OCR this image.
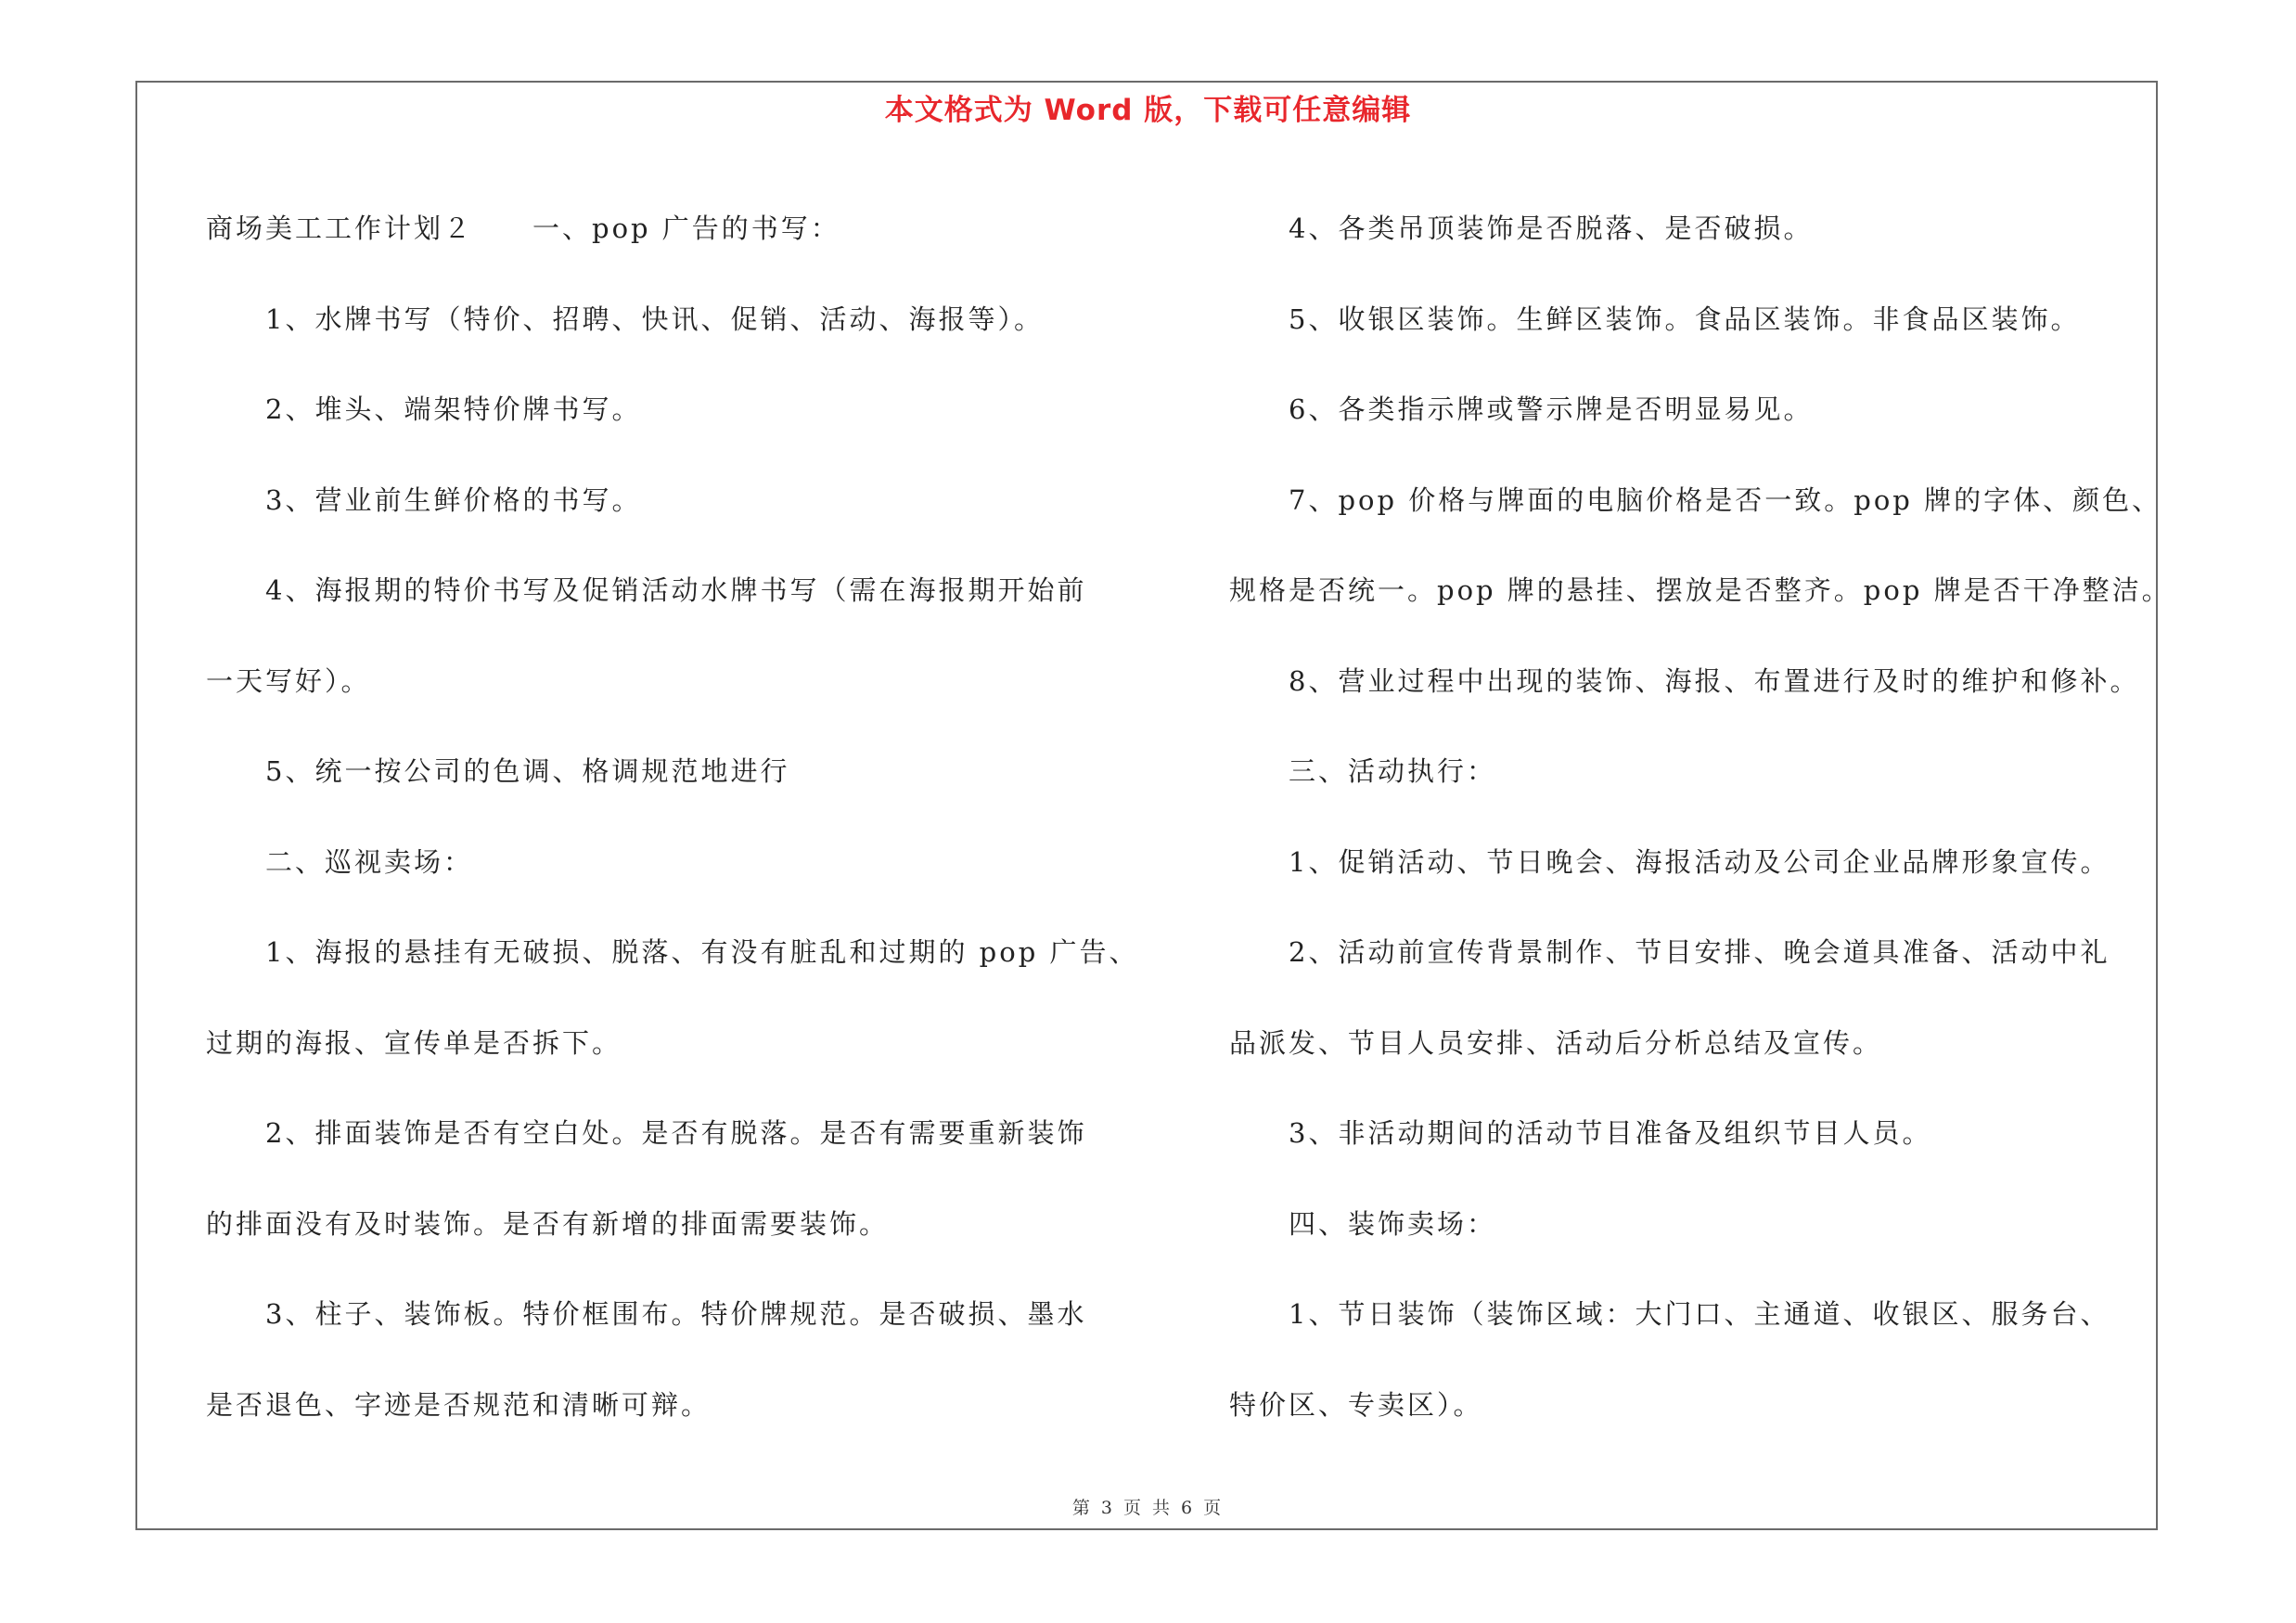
本文格式为 Word 版，下载可任意编辑
商场美工工作计划２　　一、pop 广告的书写：
1、水牌书写（特价、招聘、快讯、促销、活动、海报等）。
2、堆头、端架特价牌书写。
3、营业前生鲜价格的书写。
4、海报期的特价书写及促销活动水牌书写（需在海报期开始前
一天写好）。
5、统一按公司的色调、格调规范地进行
二、巡视卖场：
1、海报的悬挂有无破损、脱落、有没有脏乱和过期的 pop 广告、
过期的海报、宣传单是否拆下。
2、排面装饰是否有空白处。是否有脱落。是否有需要重新装饰
的排面没有及时装饰。是否有新增的排面需要装饰。
3、柱子、装饰板。特价框围布。特价牌规范。是否破损、墨水
是否退色、字迹是否规范和清晰可辩。
4、各类吊顶装饰是否脱落、是否破损。
5、收银区装饰。生鲜区装饰。食品区装饰。非食品区装饰。
6、各类指示牌或警示牌是否明显易见。
7、pop 价格与牌面的电脑价格是否一致。pop 牌的字体、颜色、
规格是否统一。pop 牌的悬挂、摆放是否整齐。pop 牌是否干净整洁。
8、营业过程中出现的装饰、海报、布置进行及时的维护和修补。
三、活动执行：
1、促销活动、节日晚会、海报活动及公司企业品牌形象宣传。
2、活动前宣传背景制作、节目安排、晚会道具准备、活动中礼
品派发、节目人员安排、活动后分析总结及宣传。
3、非活动期间的活动节目准备及组织节目人员。
四、装饰卖场：
1、节日装饰（装饰区域：大门口、主通道、收银区、服务台、
特价区、专卖区）。
第 3 页 共 6 页
